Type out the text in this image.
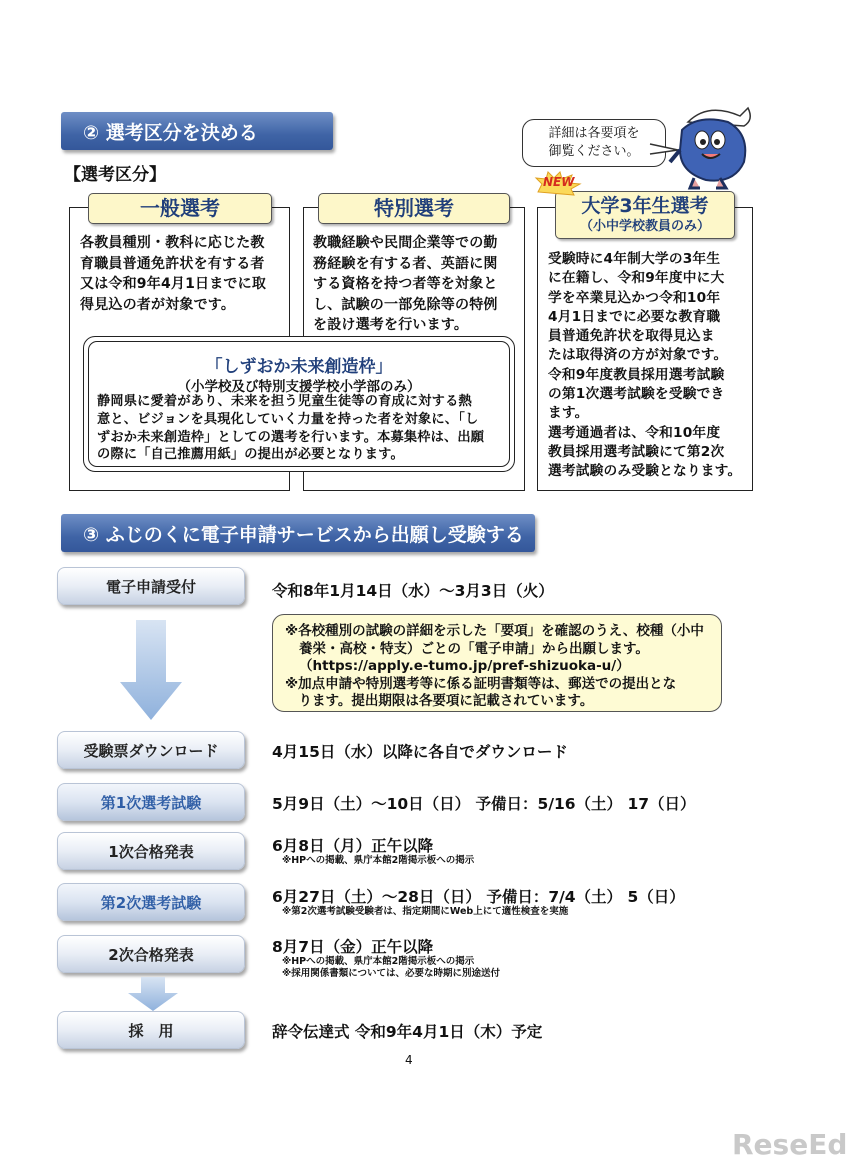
② 選考区分を決める
【選考区分】
詳細は各要項を
御覧ください。
一般選考
各教員種別・教科に応じた教
育職員普通免許状を有する者
又は令和9年4月1日までに取
得見込の者が対象です。
特別選考
教職経験や民間企業等での勤
務経験を有する者、英語に関
する資格を持つ者等を対象と
し、試験の一部免除等の特例
を設け選考を行います。
大学3年生選考
（小中学校教員のみ）
NEW
受験時に4年制大学の3年生
に在籍し、令和9年度中に大
学を卒業見込かつ令和10年
4月1日までに必要な教育職
員普通免許状を取得見込ま
たは取得済の方が対象です。
令和9年度教員採用選考試験
の第1次選考試験を受験でき
ます。
選考通過者は、令和10年度
教員採用選考試験にて第2次
選考試験のみ受験となります。
「しずおか未来創造枠」
（小学校及び特別支援学校小学部のみ）
静岡県に愛着があり、未来を担う児童生徒等の育成に対する熱
意と、ビジョンを具現化していく力量を持った者を対象に、「し
ずおか未来創造枠」としての選考を行います。本募集枠は、出願
の際に「自己推薦用紙」の提出が必要となります。
③ ふじのくに電子申請サービスから出願し受験する
電子申請受付	令和8年1月14日（水）～3月3日（火）
※各校種別の試験の詳細を示した「要項」を確認のうえ、校種（小中
養栄・高校・特支）ごとの「電子申請」から出願します。
（https://apply.e-tumo.jp/pref-shizuoka-u/）
※加点申請や特別選考等に係る証明書類等は、郵送での提出とな
　ります。提出期限は各要項に記載されています。
受験票ダウンロード	4月15日（水）以降に各自でダウンロード
第1次選考試験	5月9日（土）～10日（日） 予備日：5/16（土） 17（日）
1次合格発表	6月8日（月）正午以降
※HPへの掲載、県庁本館2階掲示板への掲示
第2次選考試験	6月27日（土）～28日（日） 予備日：7/4（土） 5（日）
※第2次選考試験受験者は、指定期間にWeb上にて適性検査を実施
2次合格発表	8月7日（金）正午以降
※HPへの掲載、県庁本館2階掲示板への掲示
※採用関係書類については、必要な時期に別途送付
採　用	辞令伝達式 令和9年4月1日（木）予定
4
ReseEd
